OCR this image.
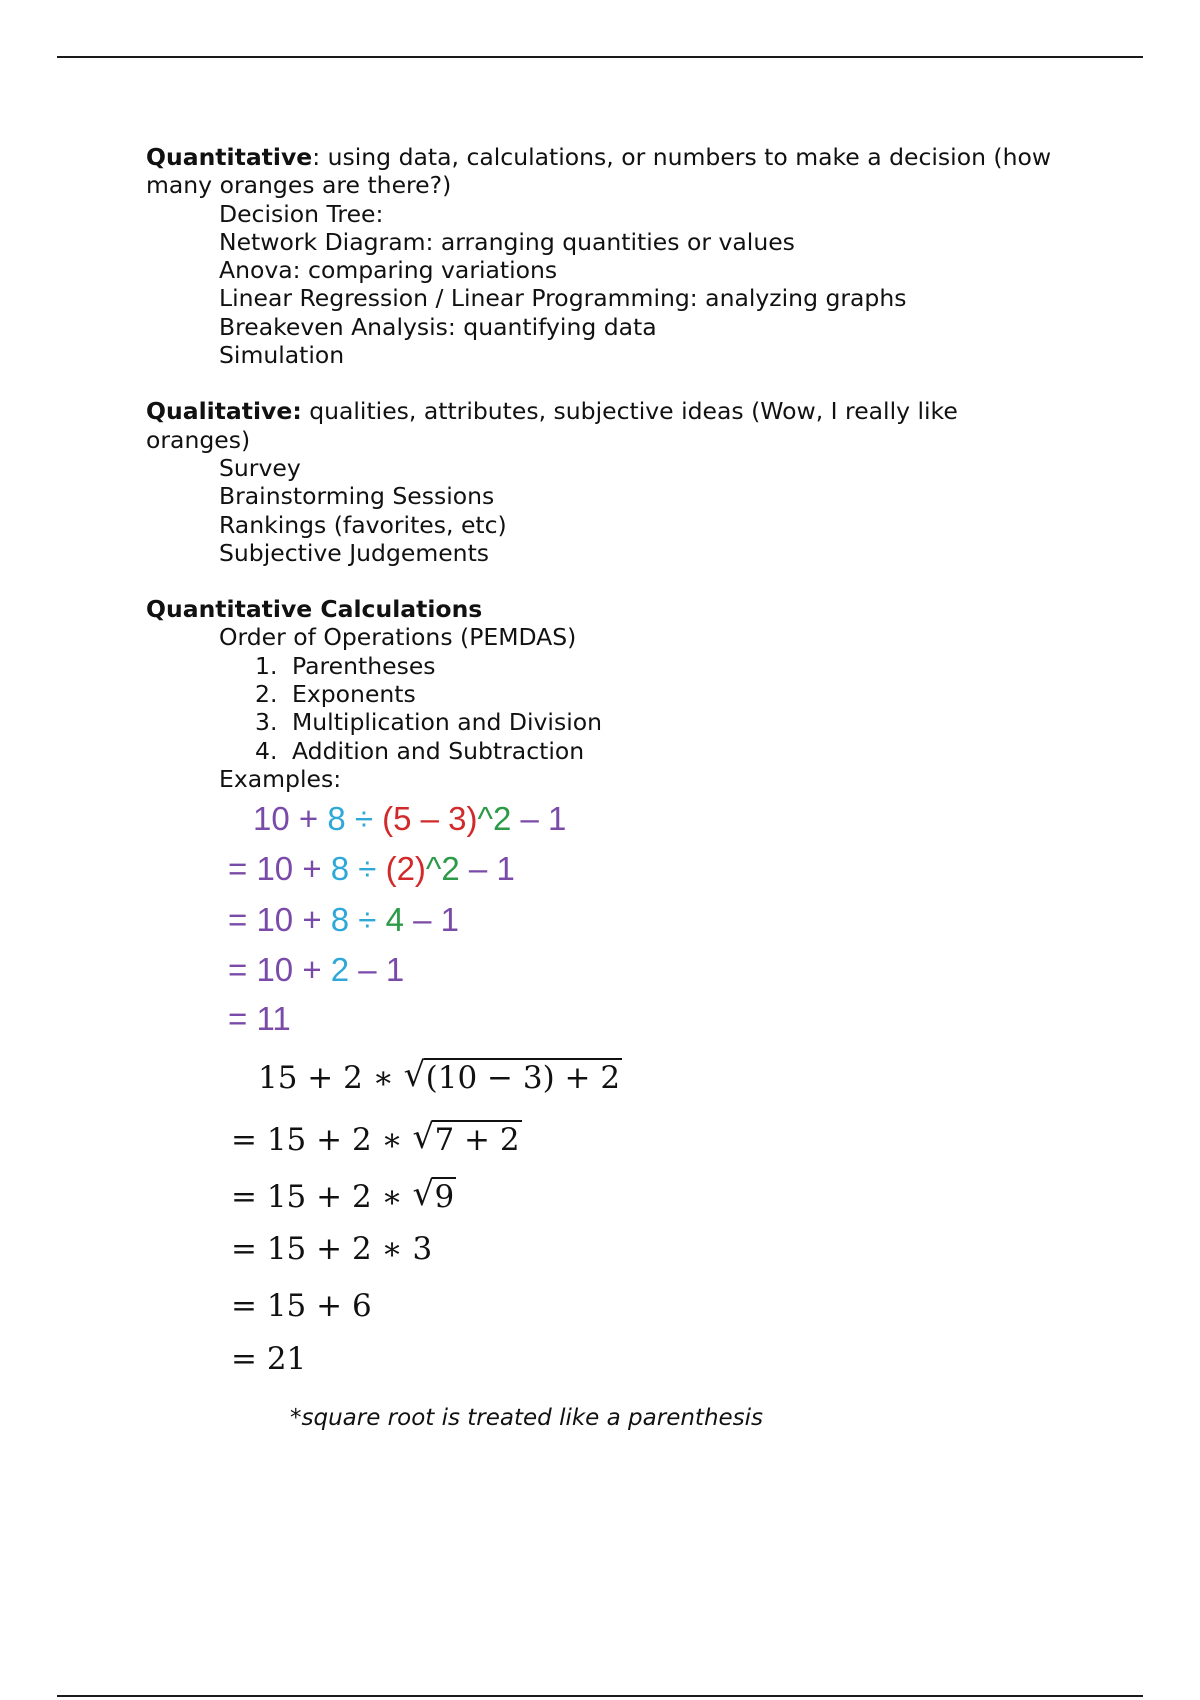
Quantitative: using data, calculations, or numbers to make a decision (how
many oranges are there?)

Decision Tree:
Network Diagram: arranging quantities or values
Anova: comparing variations
Linear Regression / Linear Programming: analyzing graphs
Breakeven Analysis: quantifying data
Simulation

Qualitative: qualities, attributes, subjective ideas (Wow, I really like
oranges)

Survey
Brainstorming Sessions
Rankings (favorites, etc)
Subjective Judgements

Quantitative Calculations

Order of Operations (PEMDAS)
1. Parentheses
2. Exponents
3. Multiplication and Division
4. Addition and Subtraction
Examples:
10 + 8 ÷ (5 – 3)^2 – 1
= 10 + 8 ÷ (2)^2 – 1
= 10 + 8 ÷ 4 – 1
= 10 + 2 – 1
= 11
15 + 2 ∗ √ (10 − 3) + 2
= 15 + 2 ∗ √ 7 + 2
= 15 + 2 ∗ √ 9
= 15 + 2 ∗ 3
= 15 + 6
= 21
*square root is treated like a parenthesis
